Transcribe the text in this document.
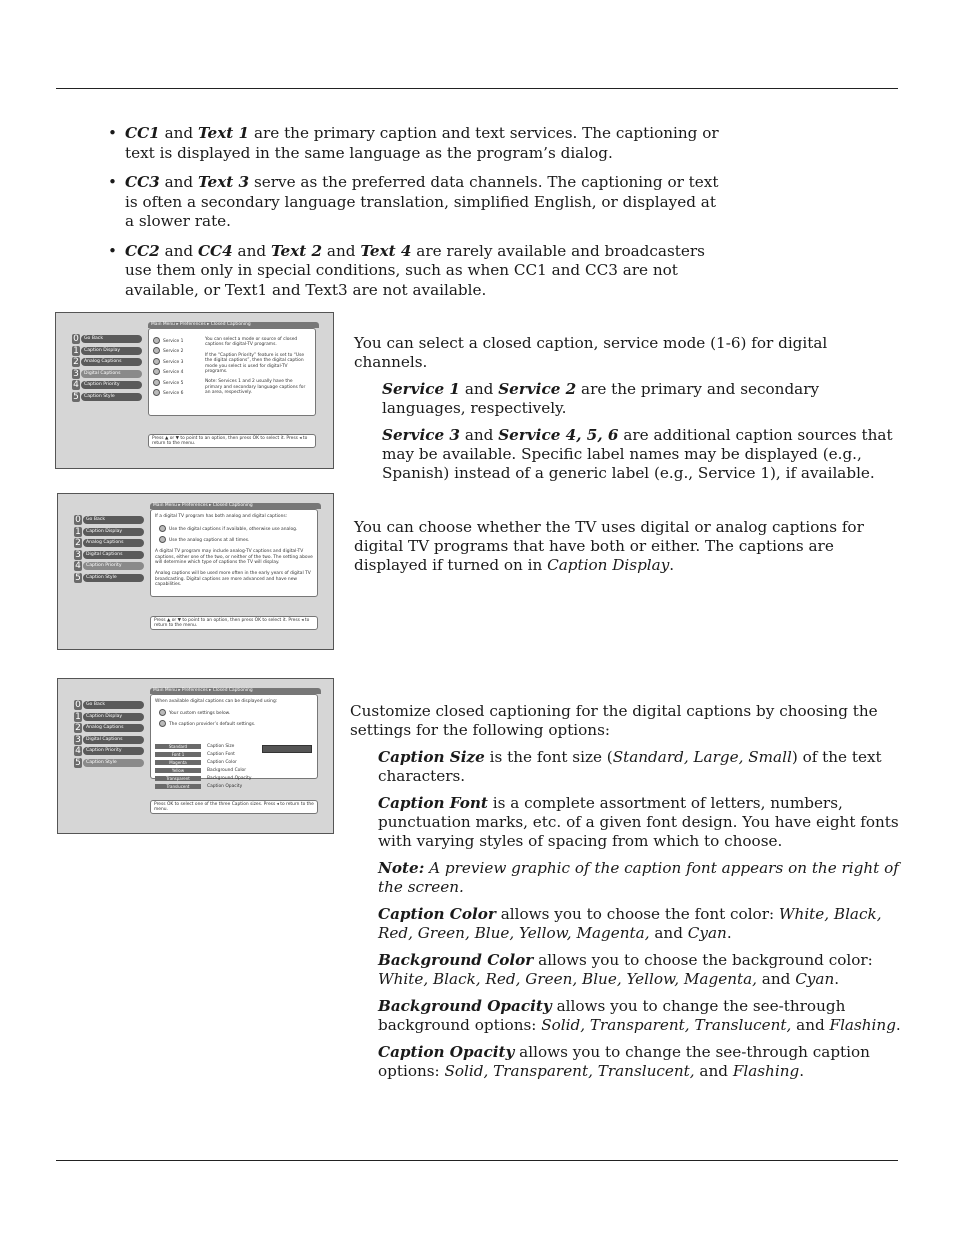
• CC1 and Text 1 are the primary caption and text services. The captioning or text is displayed in the same language as the program’s dialog.
• CC3 and Text 3 serve as the preferred data channels. The captioning or text is often a secondary language translation, simplified English, or displayed at a slower rate.
• CC2 and CC4 and Text 2 and Text 4 are rarely available and broadcasters use them only in special conditions, such as when CC1 and CC3 are not available, or Text1 and Text3 are not available.
0	Go Back
1	Caption Display
2	Analog Captions
3	Digital Captions
4	Caption Priority
5	Caption Style
Main Menu ▸ Preferences ▸ Closed Captioning
Service 1
Service 2
Service 3
Service 4
Service 5
Service 6
You can select a mode or source of closed captions for digital-TV programs.
If the “Caption Priority” feature is set to “Use the digital captions”, then the digital caption mode you select is used for digital-TV programs.
Note: Services 1 and 2 usually have the primary and secondary language captions for an area, respectively.
Press ▲ or ▼ to point to an option, then press OK to select it. Press ◂ to return to the menu.
0	Go Back
1	Caption Display
2	Analog Captions
3	Digital Captions
4	Caption Priority
5	Caption Style
Main Menu ▸ Preferences ▸ Closed Captioning
If a digital TV program has both analog and digital captions:
Use the digital captions if available, otherwise use analog.
Use the analog captions at all times.
A digital TV program may include analog-TV captions and digital-TV captions, either one of the two, or neither of the two. The setting above will determine which type of captions the TV will display.
Analog captions will be used more often in the early years of digital TV broadcasting. Digital captions are more advanced and have new capabilities.
Press ▲ or ▼ to point to an option, then press OK to select it. Press ◂ to return to the menu.
0	Go Back
1	Caption Display
2	Analog Captions
3	Digital Captions
4	Caption Priority
5	Caption Style
Main Menu ▸ Preferences ▸ Closed Captioning
When available digital captions can be displayed using:
Your custom settings below.
The caption provider’s default settings.
Standard	Caption Size
Font 1	Caption Font
Magenta	Caption Color
Yellow	Background Color
Transparent	Background Opacity
Translucent	Caption Opacity
Press OK to select one of the three Caption sizes. Press ◂ to return to the menu.

You can select a closed caption, service mode (1-6) for digital channels.

Service 1 and Service 2 are the primary and secondary languages, respectively.

Service 3 and Service 4, 5, 6 are additional caption sources that may be available. Specific label names may be displayed (e.g., Spanish) instead of a generic label (e.g., Service 1), if available.

You can choose whether the TV uses digital or analog captions for digital TV programs that have both or either. The captions are displayed if turned on in Caption Display.

Customize closed captioning for the digital captions by choosing the settings for the following options:

Caption Size is the font size (Standard, Large, Small) of the text characters.

Caption Font is a complete assortment of letters, numbers, punctuation marks, etc. of a given font design. You have eight fonts with varying styles of spacing from which to choose.

Note: A preview graphic of the caption font appears on the right of the screen.

Caption Color allows you to choose the font color: White, Black, Red, Green, Blue, Yellow, Magenta, and Cyan.

Background Color allows you to choose the background color: White, Black, Red, Green, Blue, Yellow, Magenta, and Cyan.

Background Opacity allows you to change the see-through background options: Solid, Transparent, Translucent, and Flashing.

Caption Opacity allows you to change the see-through caption options: Solid, Transparent, Translucent, and Flashing.
